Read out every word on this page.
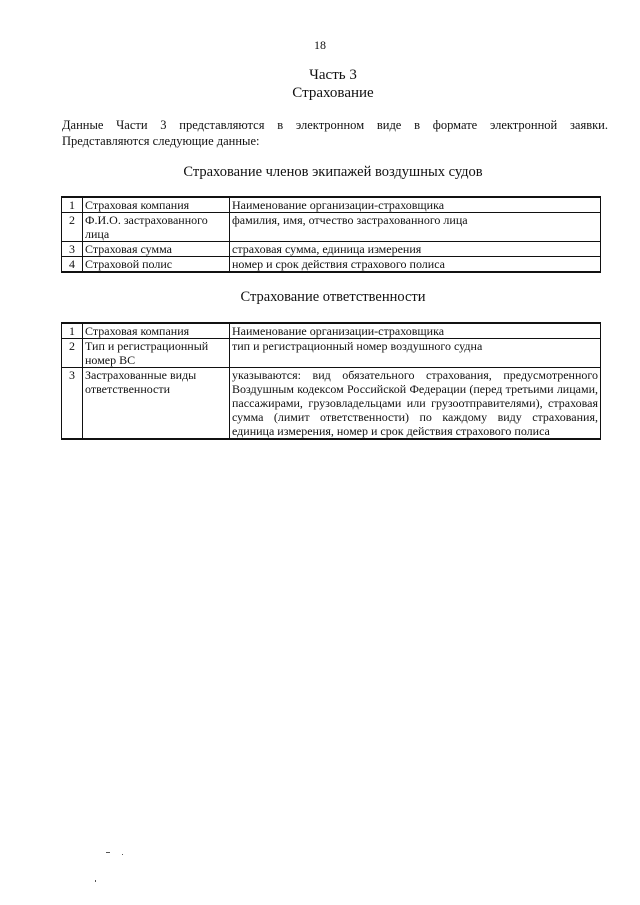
18
Часть 3
Страхование
Данные Части 3 представляются в электронном виде в формате электронной заявки.
Представляются следующие данные:
Страхование членов экипажей воздушных судов
1	Страховая компания	Наименование организации-страховщика
2	Ф.И.О. застрахованного лица	фамилия, имя, отчество застрахованного лица
3	Страховая сумма	страховая сумма, единица измерения
4	Страховой полис	номер и срок действия страхового полиса
Страхование ответственности
1	Страховая компания	Наименование организации-страховщика
2	Тип и регистрационный номер ВС	тип и регистрационный номер воздушного судна
3	Застрахованные виды ответственности	указываются: вид обязательного страхования, предусмотренного Воздушным кодексом Российской Федерации (перед третьими лицами, пассажирами, грузовладельцами или грузоотправителями), страховая сумма (лимит ответственности) по каждому виду страхования, единица измерения, номер и срок действия страхового полиса
